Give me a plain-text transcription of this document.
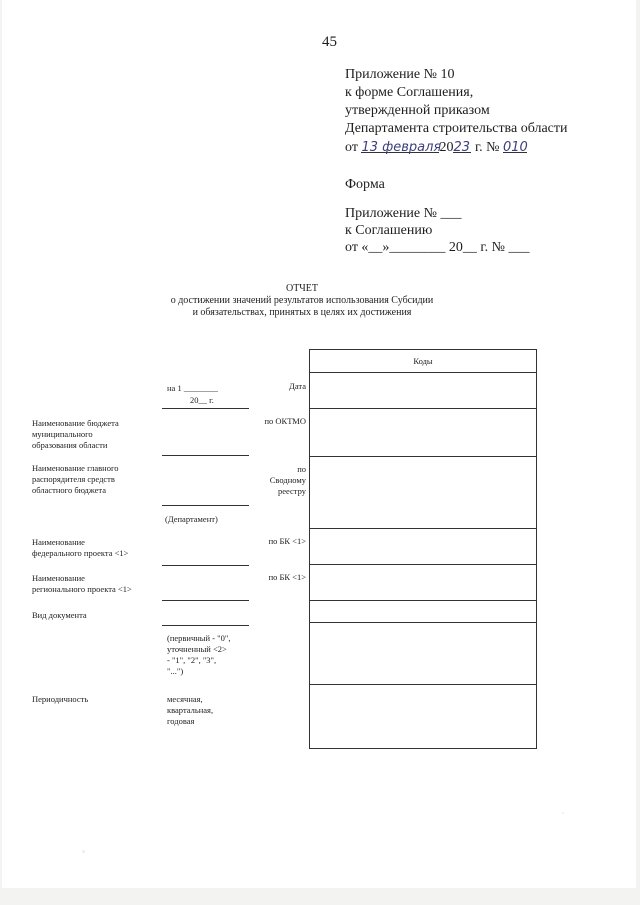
45
Приложение № 10
к форме Соглашения,
утвержденной приказом
Департамента строительства области
от 13 февраля2023 г. № 010
Форма
Приложение № ___
к Соглашению
от «__»________ 20__ г. № ___
ОТЧЕТ
о достижении значений результатов использования Субсидии
и обязательствах, принятых в целях их достижения
Коды
на 1 ________
20__ г.
Дата
Наименование бюджета
муниципального
образования области
по ОКТМО
Наименование главного
распорядителя средств
областного бюджета
по
Сводному
реестру
(Департамент)
Наименование
федерального проекта <1>
по БК <1>
Наименование
регионального проекта <1>
по БК <1>
Вид документа
(первичный - "0",
уточненный <2>
- "1", "2", "3",
"...")
Периодичность	месячная,
квартальная,
годовая
